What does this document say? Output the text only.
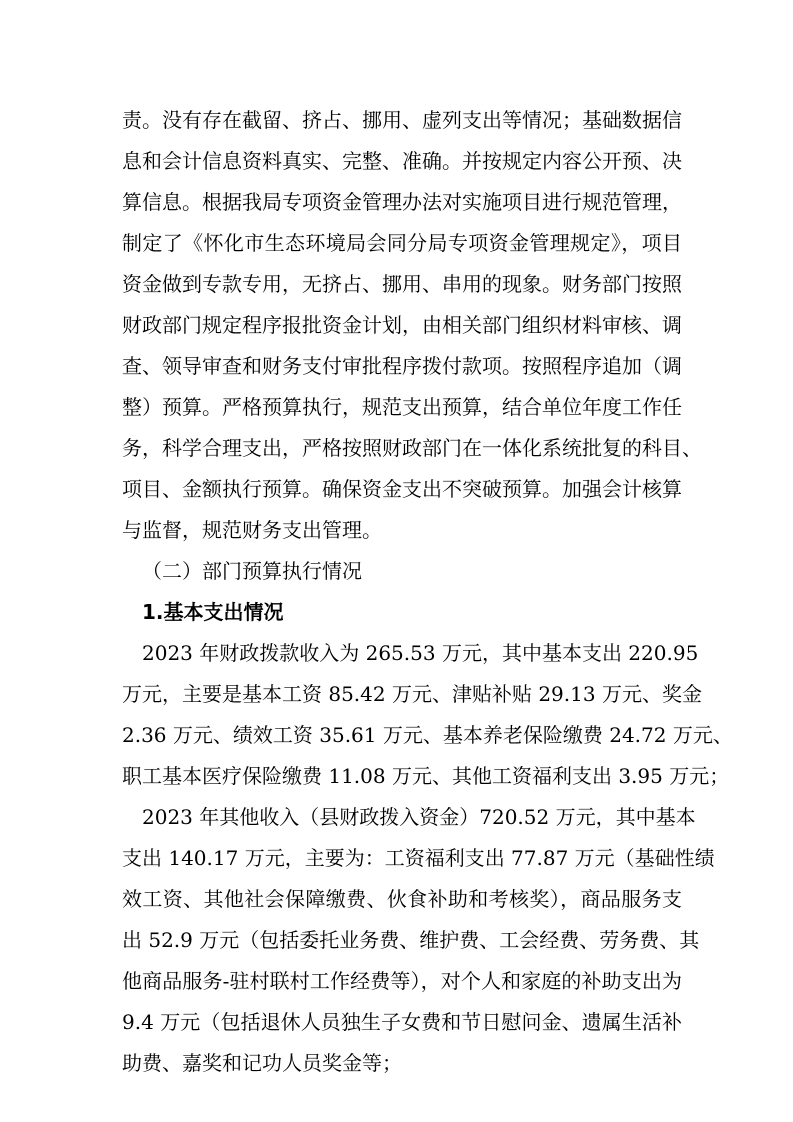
责。没有存在截留、挤占、挪用、虚列支出等情况；基础数据信
息和会计信息资料真实、完整、准确。并按规定内容公开预、决
算信息。根据我局专项资金管理办法对实施项目进行规范管理，
制定了《怀化市生态环境局会同分局专项资金管理规定》，项目
资金做到专款专用，无挤占、挪用、串用的现象。财务部门按照
财政部门规定程序报批资金计划，由相关部门组织材料审核、调
查、领导审查和财务支付审批程序拨付款项。按照程序追加（调
整）预算。严格预算执行，规范支出预算，结合单位年度工作任
务，科学合理支出，严格按照财政部门在一体化系统批复的科目、
项目、金额执行预算。确保资金支出不突破预算。加强会计核算
与监督，规范财务支出管理。
（二）部门预算执行情况
1.基本支出情况
2023 年财政拨款收入为 265.53 万元，其中基本支出 220.95
万元，主要是基本工资 85.42 万元、津贴补贴 29.13 万元、奖金
2.36 万元、绩效工资 35.61 万元、基本养老保险缴费 24.72 万元、
职工基本医疗保险缴费 11.08 万元、其他工资福利支出 3.95 万元；
2023 年其他收入（县财政拨入资金）720.52 万元，其中基本
支出 140.17 万元，主要为：工资福利支出 77.87 万元（基础性绩
效工资、其他社会保障缴费、伙食补助和考核奖），商品服务支
出 52.9 万元（包括委托业务费、维护费、工会经费、劳务费、其
他商品服务-驻村联村工作经费等），对个人和家庭的补助支出为
9.4 万元（包括退休人员独生子女费和节日慰问金、遗属生活补
助费、嘉奖和记功人员奖金等；
